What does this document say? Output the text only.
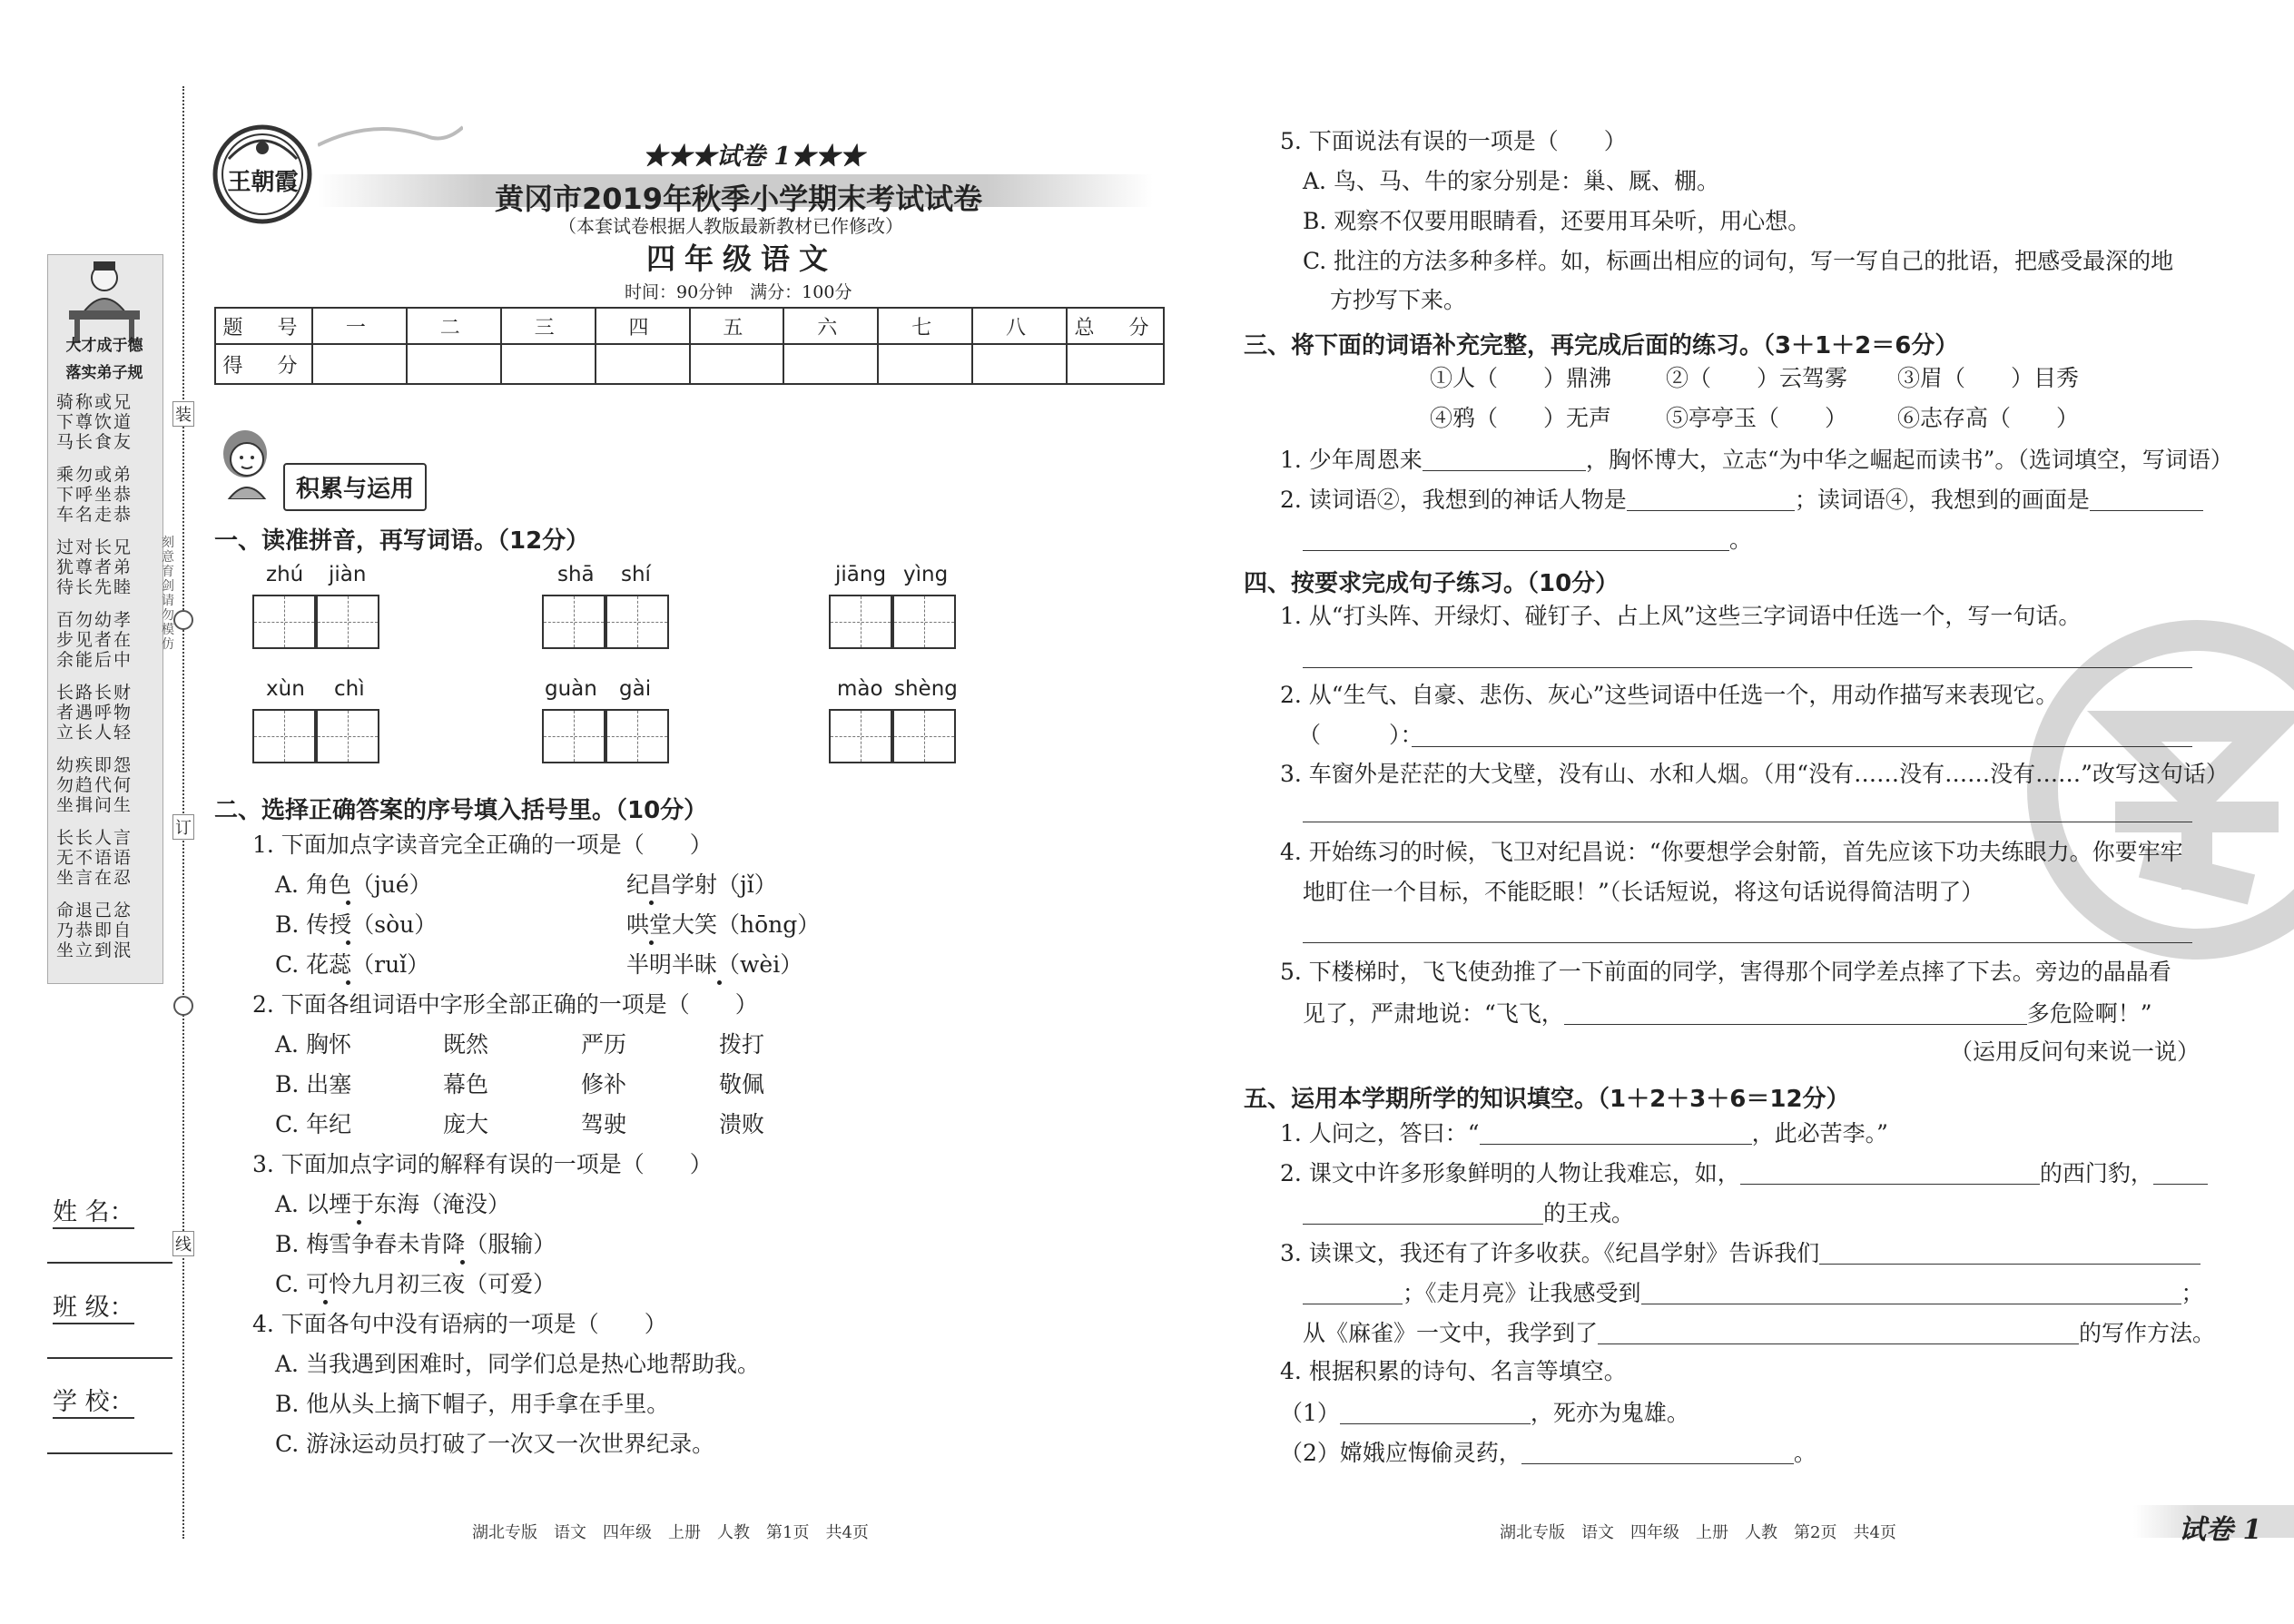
大才成于德
落实弟子规
骑称或兄
下尊饮道
马长食友
乘勿或弟
下呼坐恭
车名走恭
过对长兄
犹尊者弟
待长先睦
百勿幼孝
步见者在
余能后中
长路长财
者遇呼物
立长人轻
幼疾即怨
勿趋代何
坐揖问生
长长人言
无不语语
坐言在忍
命退己忿
乃恭即自
坐立到泯
装
订
线
刻意育剑　请勿模仿
姓 名：
班 级：
学 校：
王朝霞
★★★试卷 1★★★
黄冈市2019年秋季小学期末考试试卷
（本套试卷根据人教版最新教材已作修改）
四年级语文
时间：90分钟　满分：100分
题　号	一	二	三	四	五	六	七	八	总　分
得　分									
积累与运用
一、读准拼音，再写词语。（12分）
zhú jiàn	shā shí	jiāng yìng
xùn chì	guàn gài	mào shèng
二、选择正确答案的序号填入括号里。（10分）
1. 下面加点字读音完全正确的一项是（　　）
A. 角色（jué）	纪昌学射（jǐ）
B. 传授（sòu）	哄堂大笑（hōng）
C. 花蕊（ruǐ）	半明半昧（wèi）
2. 下面各组词语中字形全部正确的一项是（　　）
A. 胸怀	既然	严历	拨打
B. 出塞	幕色	修补	敬佩
C. 年纪	庞大	驾驶	溃败
3. 下面加点字词的解释有误的一项是（　　）
A. 以堙于东海（淹没）
B. 梅雪争春未肯降（服输）
C. 可怜九月初三夜（可爱）
4. 下面各句中没有语病的一项是（　　）
A. 当我遇到困难时，同学们总是热心地帮助我。
B. 他从头上摘下帽子，用手拿在手里。
C. 游泳运动员打破了一次又一次世界纪录。
湖北专版　语文　四年级　上册　人教　第1页　共4页
5. 下面说法有误的一项是（　　）
A. 鸟、马、牛的家分别是：巢、厩、棚。
B. 观察不仅要用眼睛看，还要用耳朵听，用心想。
C. 批注的方法多种多样。如，标画出相应的词句，写一写自己的批语，把感受最深的地
方抄写下来。
三、将下面的词语补充完整，再完成后面的练习。（3＋1＋2＝6分）
①人（　　）鼎沸 ②（　　）云驾雾 ③眉（　　）目秀
④鸦（　　）无声 ⑤亭亭玉（　　） ⑥志存高（　　）
1. 少年周恩来	，胸怀博大，立志“为中华之崛起而读书”。（选词填空，写词语）
2. 读词语②，我想到的神话人物是	；读词语④，我想到的画面是
。
四、按要求完成句子练习。（10分）
1. 从“打头阵、开绿灯、碰钉子、占上风”这些三字词语中任选一个，写一句话。
2. 从“生气、自豪、悲伤、灰心”这些词语中任选一个，用动作描写来表现它。
（　　　）：
3. 车窗外是茫茫的大戈壁，没有山、水和人烟。（用“没有……没有……没有……”改写这句话）
4. 开始练习的时候，飞卫对纪昌说：“你要想学会射箭，首先应该下功夫练眼力。你要牢牢
地盯住一个目标，不能眨眼！”（长话短说，将这句话说得简洁明了）
5. 下楼梯时，飞飞使劲推了一下前面的同学，害得那个同学差点摔了下去。旁边的晶晶看
见了，严肃地说：“飞飞，	多危险啊！”
（运用反问句来说一说）
五、运用本学期所学的知识填空。（1＋2＋3＋6＝12分）
1. 人问之，答曰：“	，此必苦李。”
2. 课文中许多形象鲜明的人物让我难忘，如，	的西门豹，
的王戎。
3. 读课文，我还有了许多收获。《纪昌学射》告诉我们
；《走月亮》让我感受到	；
从《麻雀》一文中，我学到了	的写作方法。
4. 根据积累的诗句、名言等填空。
（1）	，死亦为鬼雄。
（2）嫦娥应悔偷灵药，	。
湖北专版　语文　四年级　上册　人教　第2页　共4页	试卷 1
